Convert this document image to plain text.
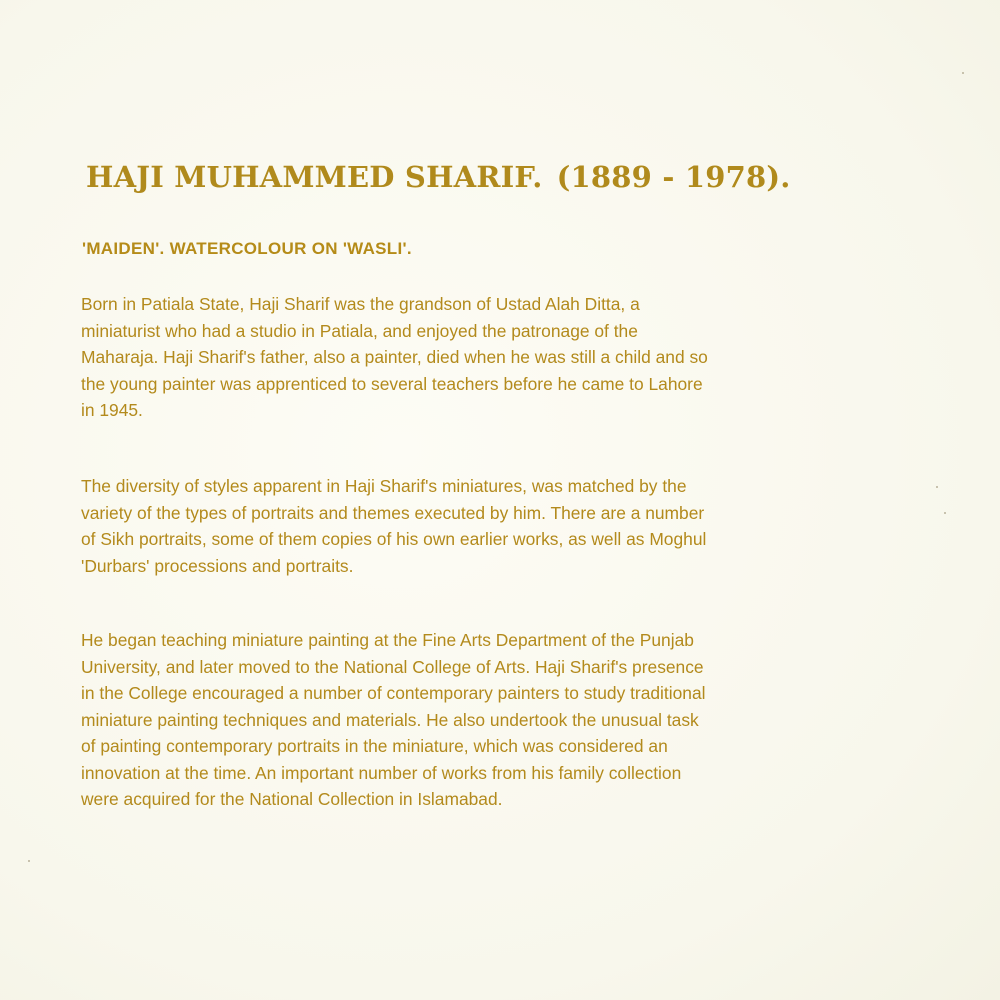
HAJI MUHAMMED SHARIF. (1889 - 1978).
'MAIDEN'. WATERCOLOUR ON 'WASLI'.

Born in Patiala State, Haji Sharif was the grandson of Ustad Alah Ditta, a
miniaturist who had a studio in Patiala, and enjoyed the patronage of the
Maharaja. Haji Sharif's father, also a painter, died when he was still a child and so
the young painter was apprenticed to several teachers before he came to Lahore
in 1945.

The diversity of styles apparent in Haji Sharif's miniatures, was matched by the
variety of the types of portraits and themes executed by him. There are a number
of Sikh portraits, some of them copies of his own earlier works, as well as Moghul
'Durbars' processions and portraits.

He began teaching miniature painting at the Fine Arts Department of the Punjab
University, and later moved to the National College of Arts. Haji Sharif's presence
in the College encouraged a number of contemporary painters to study traditional
miniature painting techniques and materials. He also undertook the unusual task
of painting contemporary portraits in the miniature, which was considered an
innovation at the time. An important number of works from his family collection
were acquired for the National Collection in Islamabad.
